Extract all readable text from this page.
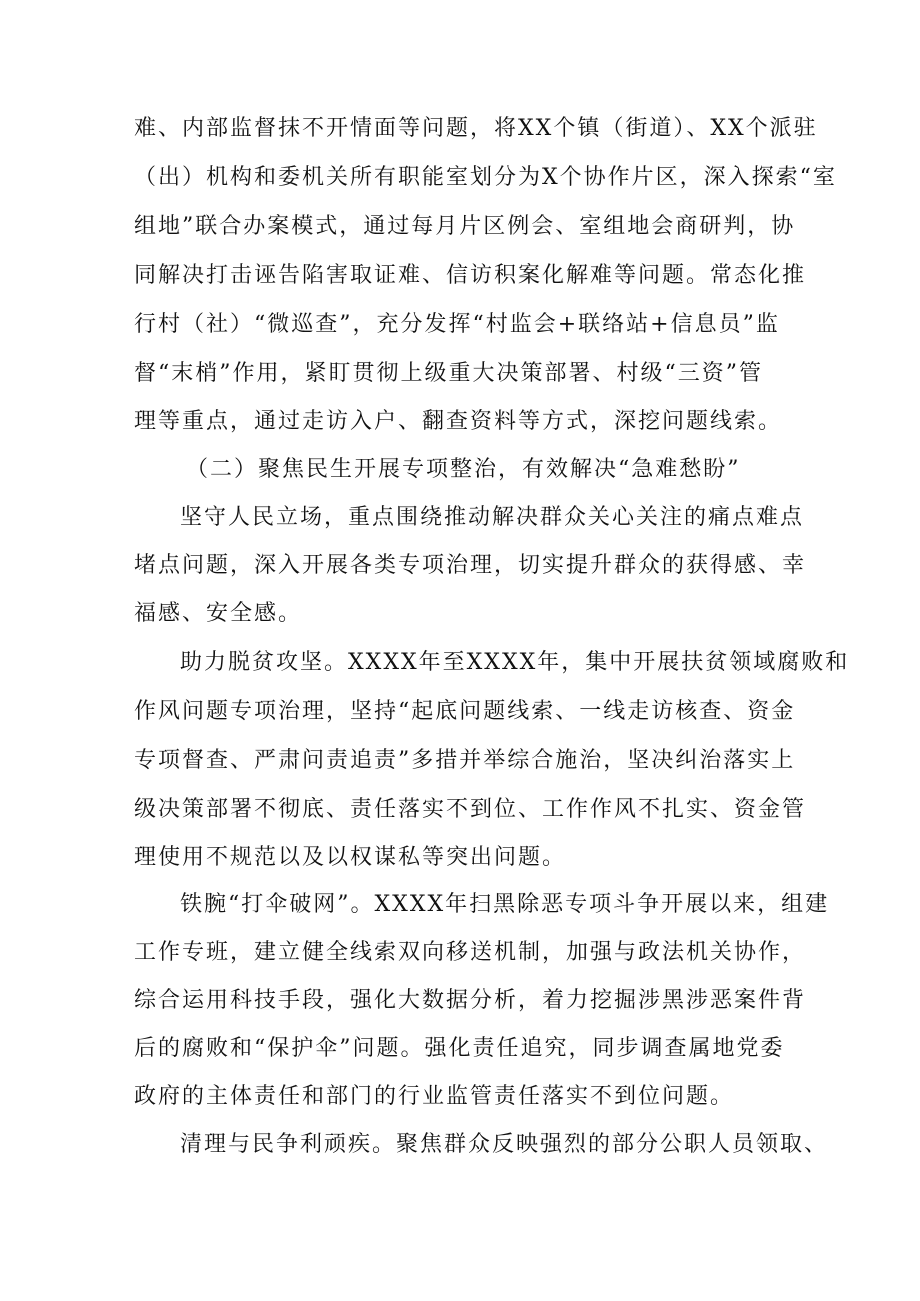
难、内部监督抹不开情面等问题，将XX个镇（街道）、XX个派驻
（出）机构和委机关所有职能室划分为X个协作片区，深入探索“室
组地”联合办案模式，通过每月片区例会、室组地会商研判，协
同解决打击诬告陷害取证难、信访积案化解难等问题。常态化推
行村（社）“微巡查”，充分发挥“村监会+联络站+信息员”监
督“末梢”作用，紧盯贯彻上级重大决策部署、村级“三资”管
理等重点，通过走访入户、翻查资料等方式，深挖问题线索。
（二）聚焦民生开展专项整治，有效解决“急难愁盼”
坚守人民立场，重点围绕推动解决群众关心关注的痛点难点
堵点问题，深入开展各类专项治理，切实提升群众的获得感、幸
福感、安全感。
助力脱贫攻坚。XXXX年至XXXX年，集中开展扶贫领域腐败和
作风问题专项治理，坚持“起底问题线索、一线走访核查、资金
专项督查、严肃问责追责”多措并举综合施治，坚决纠治落实上
级决策部署不彻底、责任落实不到位、工作作风不扎实、资金管
理使用不规范以及以权谋私等突出问题。
铁腕“打伞破网”。XXXX年扫黑除恶专项斗争开展以来，组建
工作专班，建立健全线索双向移送机制，加强与政法机关协作，
综合运用科技手段，强化大数据分析，着力挖掘涉黑涉恶案件背
后的腐败和“保护伞”问题。强化责任追究，同步调查属地党委
政府的主体责任和部门的行业监管责任落实不到位问题。
清理与民争利顽疾。聚焦群众反映强烈的部分公职人员领取、
